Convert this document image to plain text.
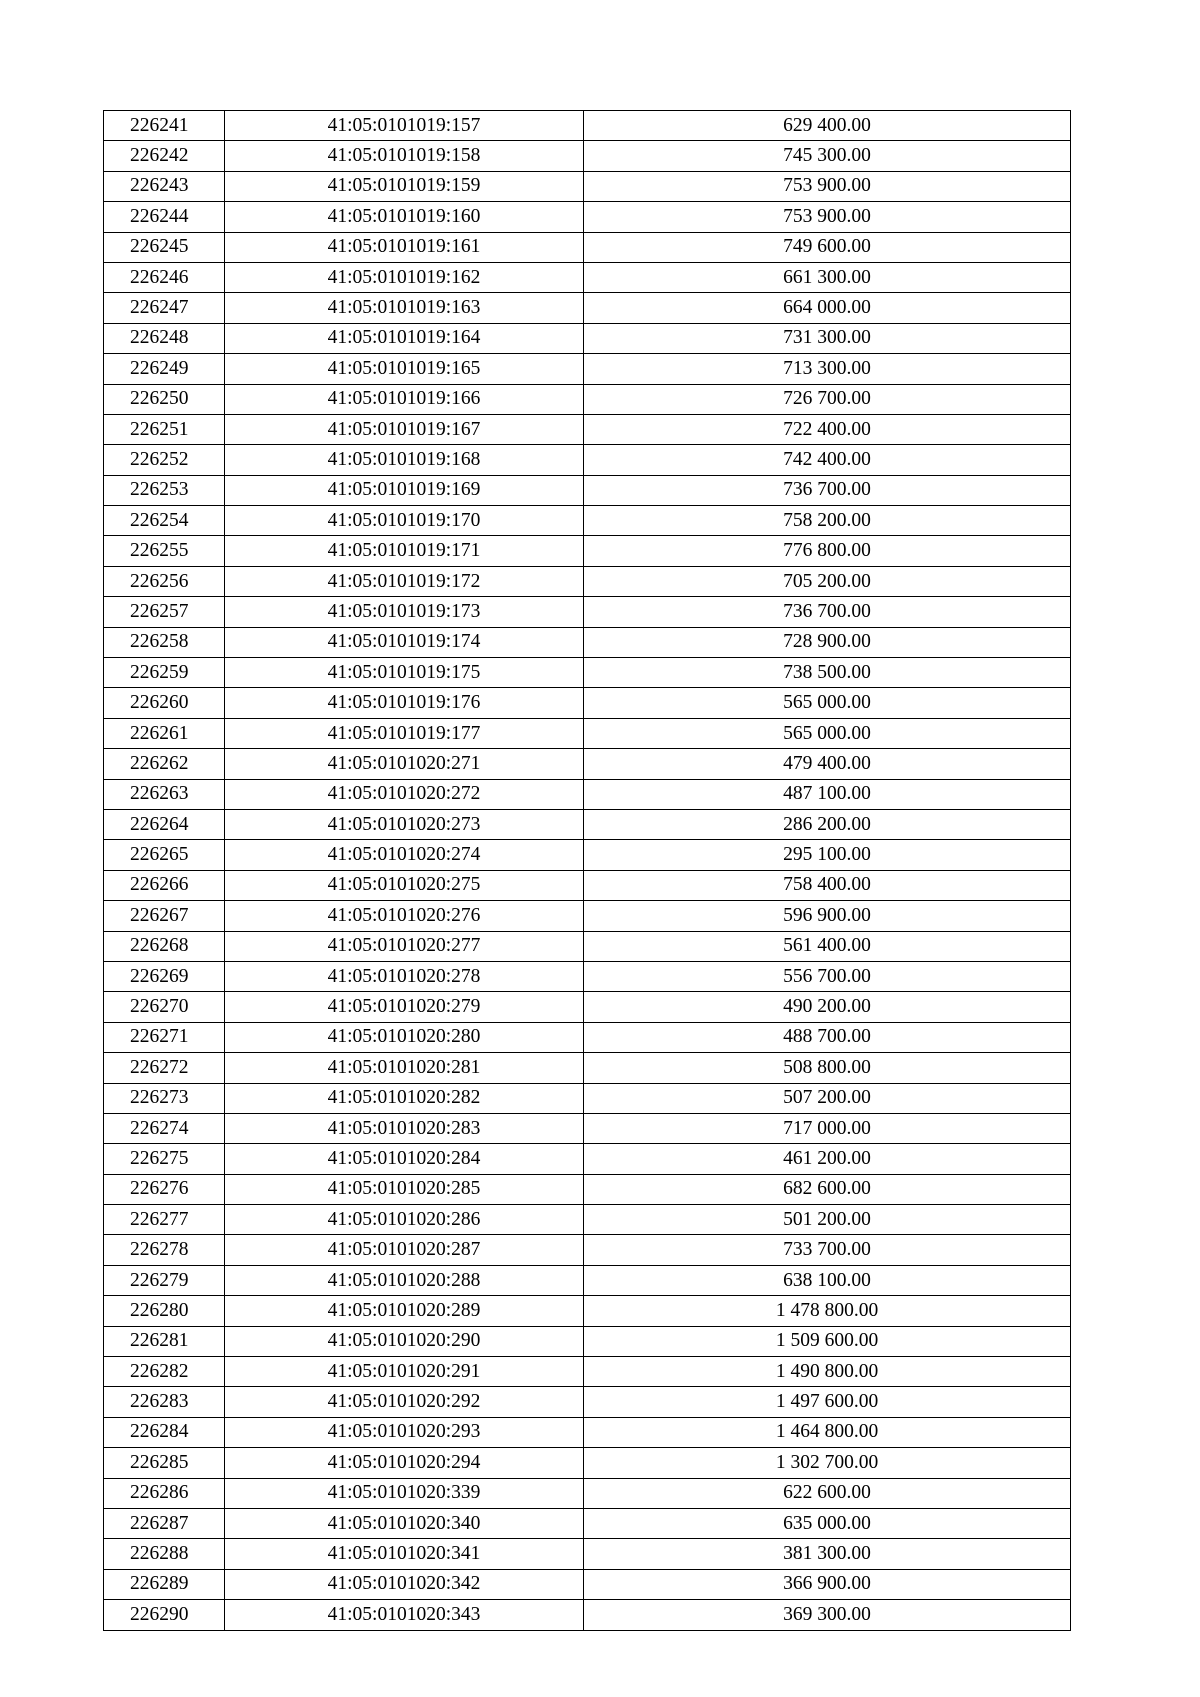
226241	41:05:0101019:157	629 400.00
226242	41:05:0101019:158	745 300.00
226243	41:05:0101019:159	753 900.00
226244	41:05:0101019:160	753 900.00
226245	41:05:0101019:161	749 600.00
226246	41:05:0101019:162	661 300.00
226247	41:05:0101019:163	664 000.00
226248	41:05:0101019:164	731 300.00
226249	41:05:0101019:165	713 300.00
226250	41:05:0101019:166	726 700.00
226251	41:05:0101019:167	722 400.00
226252	41:05:0101019:168	742 400.00
226253	41:05:0101019:169	736 700.00
226254	41:05:0101019:170	758 200.00
226255	41:05:0101019:171	776 800.00
226256	41:05:0101019:172	705 200.00
226257	41:05:0101019:173	736 700.00
226258	41:05:0101019:174	728 900.00
226259	41:05:0101019:175	738 500.00
226260	41:05:0101019:176	565 000.00
226261	41:05:0101019:177	565 000.00
226262	41:05:0101020:271	479 400.00
226263	41:05:0101020:272	487 100.00
226264	41:05:0101020:273	286 200.00
226265	41:05:0101020:274	295 100.00
226266	41:05:0101020:275	758 400.00
226267	41:05:0101020:276	596 900.00
226268	41:05:0101020:277	561 400.00
226269	41:05:0101020:278	556 700.00
226270	41:05:0101020:279	490 200.00
226271	41:05:0101020:280	488 700.00
226272	41:05:0101020:281	508 800.00
226273	41:05:0101020:282	507 200.00
226274	41:05:0101020:283	717 000.00
226275	41:05:0101020:284	461 200.00
226276	41:05:0101020:285	682 600.00
226277	41:05:0101020:286	501 200.00
226278	41:05:0101020:287	733 700.00
226279	41:05:0101020:288	638 100.00
226280	41:05:0101020:289	1 478 800.00
226281	41:05:0101020:290	1 509 600.00
226282	41:05:0101020:291	1 490 800.00
226283	41:05:0101020:292	1 497 600.00
226284	41:05:0101020:293	1 464 800.00
226285	41:05:0101020:294	1 302 700.00
226286	41:05:0101020:339	622 600.00
226287	41:05:0101020:340	635 000.00
226288	41:05:0101020:341	381 300.00
226289	41:05:0101020:342	366 900.00
226290	41:05:0101020:343	369 300.00
